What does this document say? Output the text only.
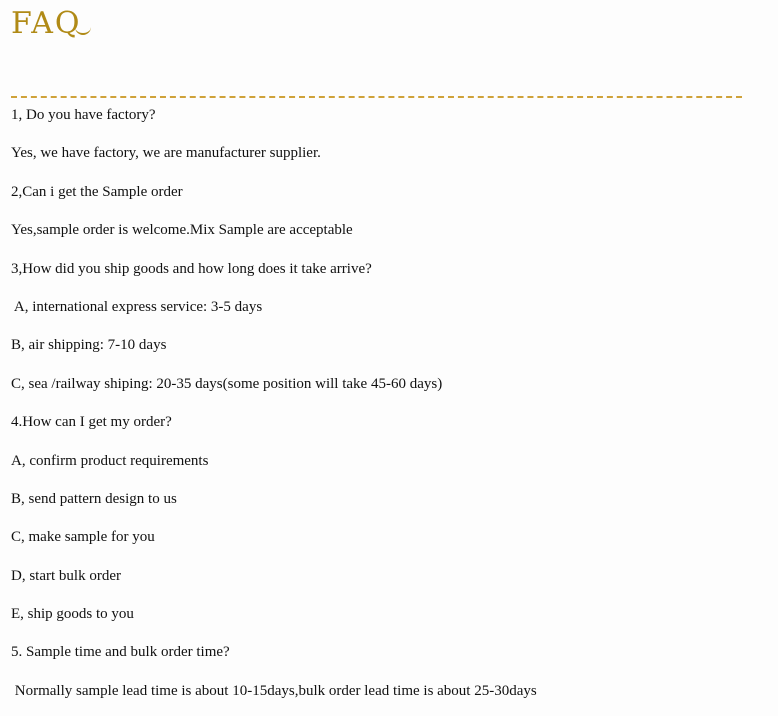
FAQ
1, Do you have factory?
Yes, we have factory, we are manufacturer supplier.
2,Can i get the Sample order
Yes,sample order is welcome.Mix Sample are acceptable
3,How did you ship goods and how long does it take arrive?
A, international express service: 3-5 days
B, air shipping: 7-10 days
C, sea /railway shiping: 20-35 days(some position will take 45-60 days)
4.How can I get my order?
A, confirm product requirements
B, send pattern design to us
C, make sample for you
D, start bulk order
E, ship goods to you
5. Sample time and bulk order time?
Normally sample lead time is about 10-15days,bulk order lead time is about 25-30days
